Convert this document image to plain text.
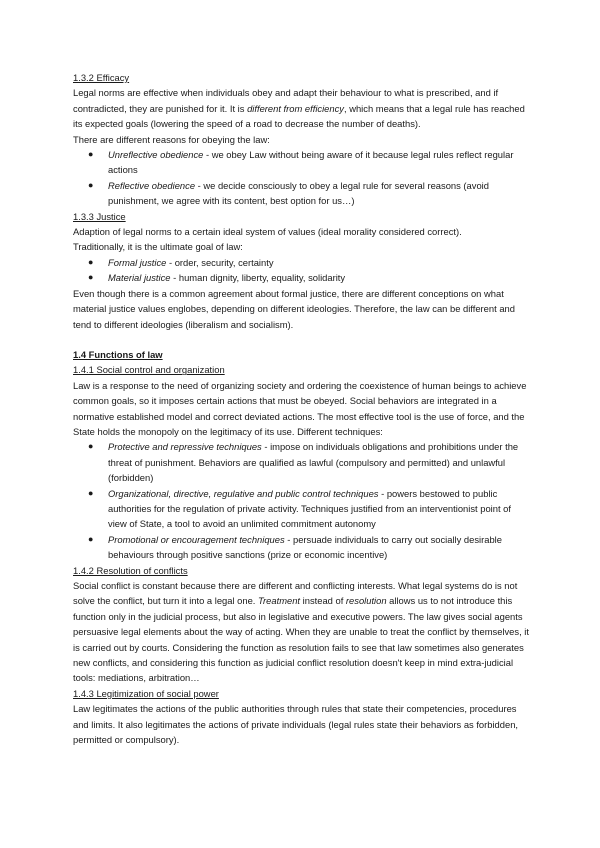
1.3.2 Efficacy

Legal norms are effective when individuals obey and adapt their behaviour to what is prescribed, and if contradicted, they are punished for it. It is different from efficiency, which means that a legal rule has reached its expected goals (lowering the speed of a road to decrease the number of deaths).

There are different reasons for obeying the law:

● Unreflective obedience - we obey Law without being aware of it because legal rules reflect regular actions
● Reflective obedience - we decide consciously to obey a legal rule for several reasons (avoid punishment, we agree with its content, best option for us…)

1.3.3 Justice

Adaption of legal norms to a certain ideal system of values (ideal morality considered correct).

Traditionally, it is the ultimate goal of law:

● Formal justice - order, security, certainty
● Material justice - human dignity, liberty, equality, solidarity

Even though there is a common agreement about formal justice, there are different conceptions on what material justice values englobes, depending on different ideologies. Therefore, the law can be different and tend to different ideologies (liberalism and socialism).

1.4 Functions of law

1.4.1 Social control and organization

Law is a response to the need of organizing society and ordering the coexistence of human beings to achieve common goals, so it imposes certain actions that must be obeyed. Social behaviors are integrated in a normative established model and correct deviated actions. The most effective tool is the use of force, and the State holds the monopoly on the legitimacy of its use. Different techniques:

● Protective and repressive techniques - impose on individuals obligations and prohibitions under the threat of punishment. Behaviors are qualified as lawful (compulsory and permitted) and unlawful (forbidden)
● Organizational, directive, regulative and public control techniques - powers bestowed to public authorities for the regulation of private activity. Techniques justified from an interventionist point of view of State, a tool to avoid an unlimited commitment autonomy
● Promotional or encouragement techniques - persuade individuals to carry out socially desirable behaviours through positive sanctions (prize or economic incentive)

1.4.2 Resolution of conflicts

Social conflict is constant because there are different and conflicting interests. What legal systems do is not solve the conflict, but turn it into a legal one. Treatment instead of resolution allows us to not introduce this function only in the judicial process, but also in legislative and executive powers. The law gives social agents persuasive legal elements about the way of acting. When they are unable to treat the conflict by themselves, it is carried out by courts. Considering the function as resolution fails to see that law sometimes also generates new conflicts, and considering this function as judicial conflict resolution doesn't keep in mind extra-judicial tools: mediations, arbitration…

1.4.3 Legitimization of social power

Law legitimates the actions of the public authorities through rules that state their competencies, procedures and limits. It also legitimates the actions of private individuals (legal rules state their behaviors as forbidden, permitted or compulsory).
